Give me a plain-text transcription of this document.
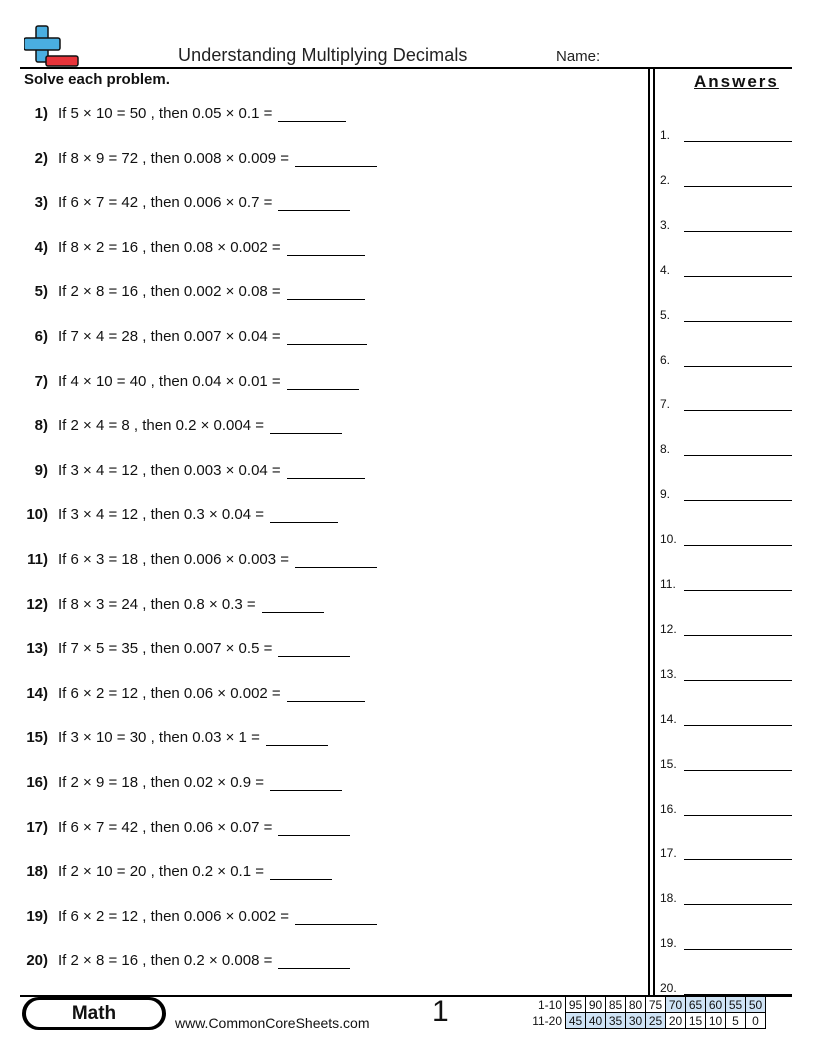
Understanding Multiplying Decimals	Name:
Solve each problem.
1) If 5 × 10 = 50 , then 0.05 × 0.1 =
2) If 8 × 9 = 72 , then 0.008 × 0.009 =
3) If 6 × 7 = 42 , then 0.006 × 0.7 =
4) If 8 × 2 = 16 , then 0.08 × 0.002 =
5) If 2 × 8 = 16 , then 0.002 × 0.08 =
6) If 7 × 4 = 28 , then 0.007 × 0.04 =
7) If 4 × 10 = 40 , then 0.04 × 0.01 =
8) If 2 × 4 = 8 , then 0.2 × 0.004 =
9) If 3 × 4 = 12 , then 0.003 × 0.04 =
10) If 3 × 4 = 12 , then 0.3 × 0.04 =
11) If 6 × 3 = 18 , then 0.006 × 0.003 =
12) If 8 × 3 = 24 , then 0.8 × 0.3 =
13) If 7 × 5 = 35 , then 0.007 × 0.5 =
14) If 6 × 2 = 12 , then 0.06 × 0.002 =
15) If 3 × 10 = 30 , then 0.03 × 1 =
16) If 2 × 9 = 18 , then 0.02 × 0.9 =
17) If 6 × 7 = 42 , then 0.06 × 0.07 =
18) If 2 × 10 = 20 , then 0.2 × 0.1 =
19) If 6 × 2 = 12 , then 0.006 × 0.002 =
20) If 2 × 8 = 16 , then 0.2 × 0.008 =
Answers
1.
2.
3.
4.
5.
6.
7.
8.
9.
10.
11.
12.
13.
14.
15.
16.
17.
18.
19.
20.
Math	www.CommonCoreSheets.com 1	1-10	95	90	85	80	75	70	65	60	55	50
11-20	45	40	35	30	25	20	15	10	5	0
